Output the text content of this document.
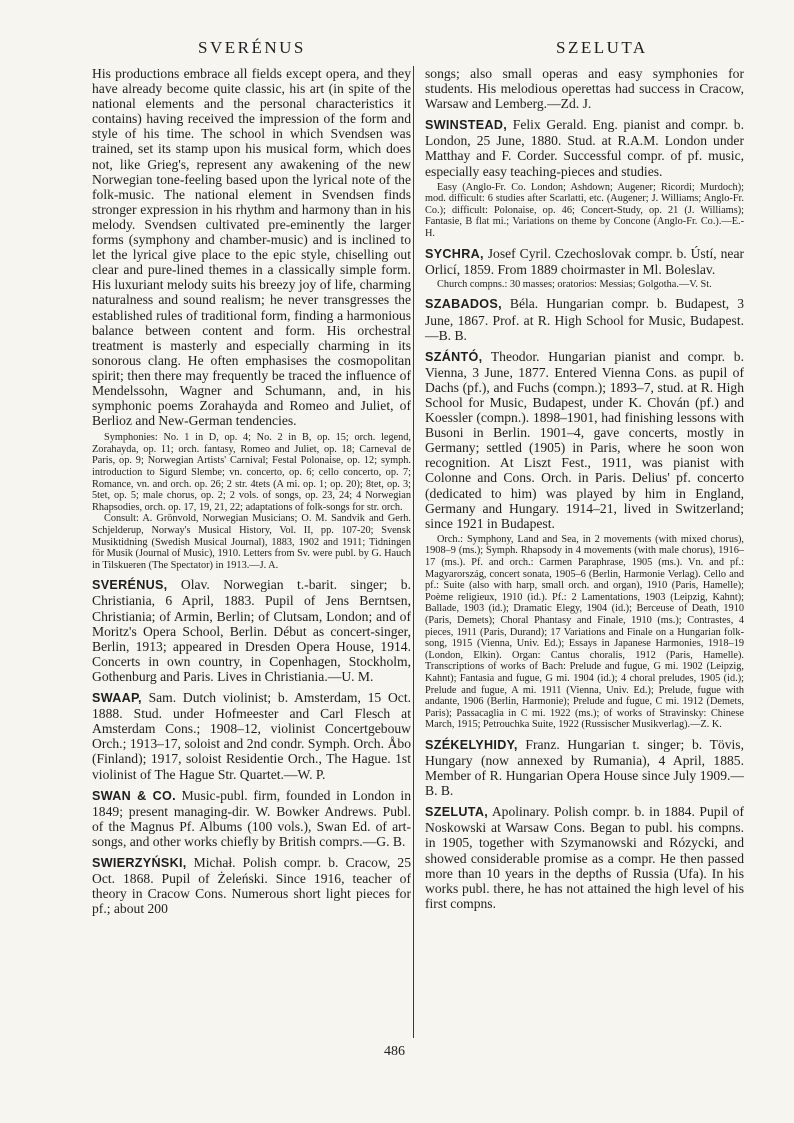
SVERÉNUS	SZELUTA

His productions embrace all fields except opera, and they have already become quite classic, his art (in spite of the national elements and the personal characteristics it contains) having received the impression of the form and style of his time. The school in which Svendsen was trained, set its stamp upon his musical form, which does not, like Grieg's, represent any awakening of the new Norwegian tone-feeling based upon the lyrical note of the folk-music. The national element in Svendsen finds stronger expression in his rhythm and harmony than in his melody. Svendsen cultivated pre-eminently the larger forms (symphony and chamber-music) and is inclined to let the lyrical give place to the epic style, chiselling out clear and pure-lined themes in a classically simple form. His luxuriant melody suits his breezy joy of life, charming naturalness and sound realism; he never transgresses the established rules of traditional form, finding a harmonious balance between content and form. His orchestral treatment is masterly and especially charming in its sonorous clang. He often emphasises the cosmopolitan spirit; then there may frequently be traced the influence of Mendelssohn, Wagner and Schumann, and, in his symphonic poems Zorahayda and Romeo and Juliet, of Berlioz and New-German tendencies.

Symphonies: No. 1 in D, op. 4; No. 2 in B, op. 15; orch. legend, Zorahayda, op. 11; orch. fantasy, Romeo and Juliet, op. 18; Carneval de Paris, op. 9; Norwegian Artists' Carnival; Festal Polonaise, op. 12; symph. introduction to Sigurd Slembe; vn. concerto, op. 6; cello concerto, op. 7; Romance, vn. and orch. op. 26; 2 str. 4tets (A mi. op. 1; op. 20); 8tet, op. 3; 5tet, op. 5; male chorus, op. 2; 2 vols. of songs, op. 23, 24; 4 Norwegian Rhapsodies, orch. op. 17, 19, 21, 22; adaptations of folk-songs for str. orch.

Consult: A. Grönvold, Norwegian Musicians; O. M. Sandvik and Gerh. Schjelderup, Norway's Musical History, Vol. II, pp. 107-20; Svensk Musiktidning (Swedish Musical Journal), 1883, 1902 and 1911; Tidningen för Musik (Journal of Music), 1910. Letters from Sv. were publ. by G. Hauch in Tilskueren (The Spectator) in 1913.—J. A.

SVERÉNUS, Olav. Norwegian t.-barit. singer; b. Christiania, 6 April, 1883. Pupil of Jens Berntsen, Christiania; of Armin, Berlin; of Clutsam, London; and of Moritz's Opera School, Berlin. Début as concert-singer, Berlin, 1913; appeared in Dresden Opera House, 1914. Concerts in own country, in Copenhagen, Stockholm, Gothenburg and Paris. Lives in Christiania.—U. M.

SWAAP, Sam. Dutch violinist; b. Amsterdam, 15 Oct. 1888. Stud. under Hofmeester and Carl Flesch at Amsterdam Cons.; 1908–12, violinist Concertgebouw Orch.; 1913–17, soloist and 2nd condr. Symph. Orch. Åbo (Finland); 1917, soloist Residentie Orch., The Hague. 1st violinist of The Hague Str. Quartet.—W. P.

SWAN & CO. Music-publ. firm, founded in London in 1849; present managing-dir. W. Bowker Andrews. Publ. of the Magnus Pf. Albums (100 vols.), Swan Ed. of art-songs, and other works chiefly by British comprs.—G. B.

SWIERZYŃSKI, Michał. Polish compr. b. Cracow, 25 Oct. 1868. Pupil of Żeleński. Since 1916, teacher of theory in Cracow Cons. Numerous short light pieces for pf.; about 200

songs; also small operas and easy symphonies for students. His melodious operettas had success in Cracow, Warsaw and Lemberg.—Zd. J.

SWINSTEAD, Felix Gerald. Eng. pianist and compr. b. London, 25 June, 1880. Stud. at R.A.M. London under Matthay and F. Corder. Successful compr. of pf. music, especially easy teaching-pieces and studies.

Easy (Anglo-Fr. Co. London; Ashdown; Augener; Ricordi; Murdoch); mod. difficult: 6 studies after Scarlatti, etc. (Augener; J. Williams; Anglo-Fr. Co.); difficult: Polonaise, op. 46; Concert-Study, op. 21 (J. Williams); Fantasie, B flat mi.; Variations on theme by Concone (Anglo-Fr. Co.).—E.-H.

SYCHRA, Josef Cyril. Czechoslovak compr. b. Ústí, near Orlicí, 1859. From 1889 choirmaster in Ml. Boleslav.

Church compns.: 30 masses; oratorios: Messias; Golgotha.—V. St.

SZABADOS, Béla. Hungarian compr. b. Budapest, 3 June, 1867. Prof. at R. High School for Music, Budapest.—B. B.

SZÁNTÓ, Theodor. Hungarian pianist and compr. b. Vienna, 3 June, 1877. Entered Vienna Cons. as pupil of Dachs (pf.), and Fuchs (compn.); 1893–7, stud. at R. High School for Music, Budapest, under K. Chován (pf.) and Koessler (compn.). 1898–1901, had finishing lessons with Busoni in Berlin. 1901–4, gave concerts, mostly in Germany; settled (1905) in Paris, where he soon won recognition. At Liszt Fest., 1911, was pianist with Colonne and Cons. Orch. in Paris. Delius' pf. concerto (dedicated to him) was played by him in England, Germany and Hungary. 1914–21, lived in Switzerland; since 1921 in Budapest.

Orch.: Symphony, Land and Sea, in 2 movements (with mixed chorus), 1908–9 (ms.); Symph. Rhapsody in 4 movements (with male chorus), 1916–17 (ms.). Pf. and orch.: Carmen Paraphrase, 1905 (ms.). Vn. and pf.: Magyarország, concert sonata, 1905–6 (Berlin, Harmonie Verlag). Cello and pf.: Suite (also with harp, small orch. and organ), 1910 (Paris, Hamelle); Poème religieux, 1910 (id.). Pf.: 2 Lamentations, 1903 (Leipzig, Kahnt); Ballade, 1903 (id.); Dramatic Elegy, 1904 (id.); Berceuse of Death, 1910 (Paris, Demets); Choral Phantasy and Finale, 1910 (ms.); Contrastes, 4 pieces, 1911 (Paris, Durand); 17 Variations and Finale on a Hungarian folk-song, 1915 (Vienna, Univ. Ed.); Essays in Japanese Harmonies, 1918–19 (London, Elkin). Organ: Cantus choralis, 1912 (Paris, Hamelle). Transcriptions of works of Bach: Prelude and fugue, G mi. 1902 (Leipzig, Kahnt); Fantasia and fugue, G mi. 1904 (id.); 4 choral preludes, 1905 (id.); Prelude and fugue, A mi. 1911 (Vienna, Univ. Ed.); Prelude, fugue with andante, 1906 (Berlin, Harmonie); Prelude and fugue, C mi. 1912 (Demets, Paris); Passacaglia in C mi. 1922 (ms.); of works of Stravinsky: Chinese March, 1915; Petrouchka Suite, 1922 (Russischer Musikverlag).—Z. K.

SZÉKELYHIDY, Franz. Hungarian t. singer; b. Tövis, Hungary (now annexed by Rumania), 4 April, 1885. Member of R. Hungarian Opera House since July 1909.—B. B.

SZELUTA, Apolinary. Polish compr. b. in 1884. Pupil of Noskowski at Warsaw Cons. Began to publ. his compns. in 1905, together with Szymanowski and Rózycki, and showed considerable promise as a compr. He then passed more than 10 years in the depths of Russia (Ufa). In his works publ. there, he has not attained the high level of his first compns.

486
